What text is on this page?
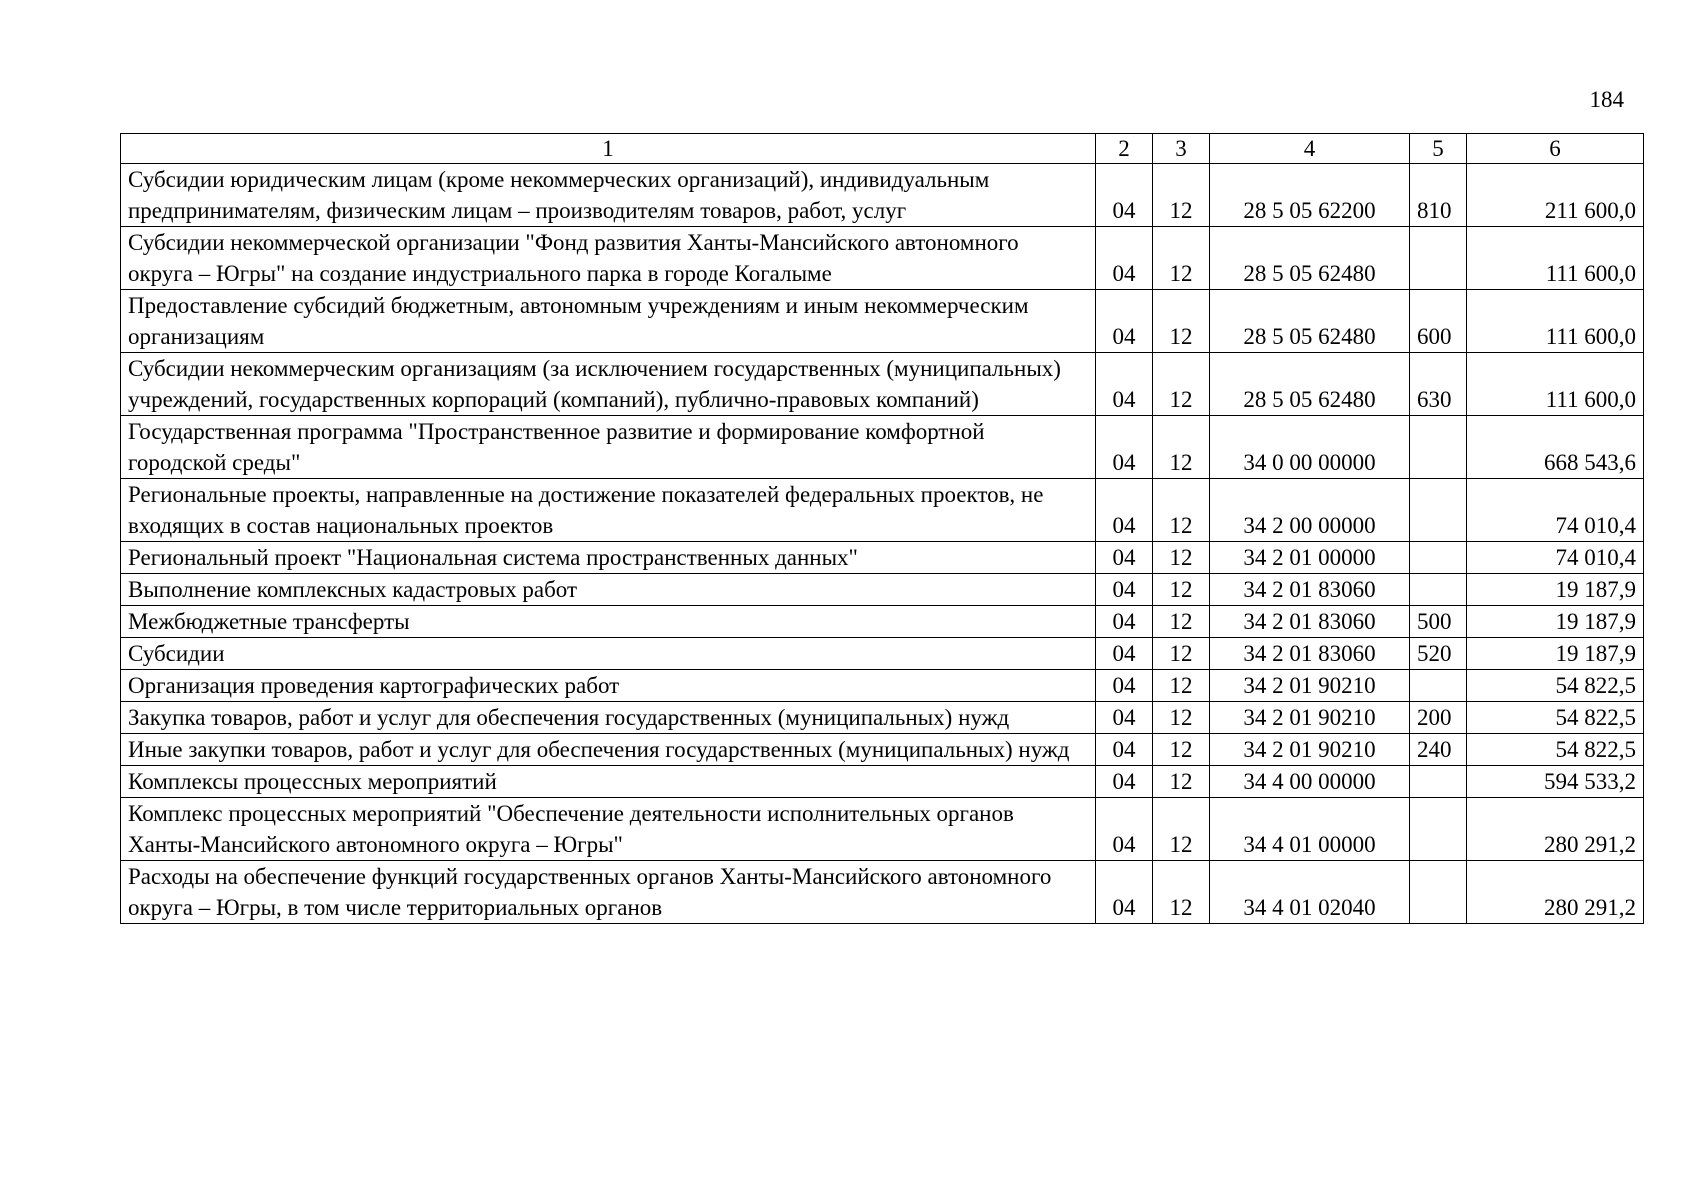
184
1	2	3	4	5	6
Субсидии юридическим лицам (кроме некоммерческих организаций), индивидуальным предпринимателям, физическим лицам – производителям товаров, работ, услуг	04	12	28 5 05 62200	810	211 600,0
Субсидии некоммерческой организации "Фонд развития Ханты-Мансийского автономного округа – Югры" на создание индустриального парка в городе Когалыме	04	12	28 5 05 62480		111 600,0
Предоставление субсидий бюджетным, автономным учреждениям и иным некоммерческим организациям	04	12	28 5 05 62480	600	111 600,0
Субсидии некоммерческим организациям (за исключением государственных (муниципальных) учреждений, государственных корпораций (компаний), публично-правовых компаний)	04	12	28 5 05 62480	630	111 600,0
Государственная программа "Пространственное развитие и формирование комфортной городской среды"	04	12	34 0 00 00000		668 543,6
Региональные проекты, направленные на достижение показателей федеральных проектов, не входящих в состав национальных проектов	04	12	34 2 00 00000		74 010,4
Региональный проект "Национальная система пространственных данных"	04	12	34 2 01 00000		74 010,4
Выполнение комплексных кадастровых работ	04	12	34 2 01 83060		19 187,9
Межбюджетные трансферты	04	12	34 2 01 83060	500	19 187,9
Субсидии	04	12	34 2 01 83060	520	19 187,9
Организация проведения картографических работ	04	12	34 2 01 90210		54 822,5
Закупка товаров, работ и услуг для обеспечения государственных (муниципальных) нужд	04	12	34 2 01 90210	200	54 822,5
Иные закупки товаров, работ и услуг для обеспечения государственных (муниципальных) нужд	04	12	34 2 01 90210	240	54 822,5
Комплексы процессных мероприятий	04	12	34 4 00 00000		594 533,2
Комплекс процессных мероприятий "Обеспечение деятельности исполнительных органов Ханты-Мансийского автономного округа – Югры"	04	12	34 4 01 00000		280 291,2
Расходы на обеспечение функций государственных органов Ханты-Мансийского автономного округа – Югры, в том числе территориальных органов	04	12	34 4 01 02040		280 291,2
